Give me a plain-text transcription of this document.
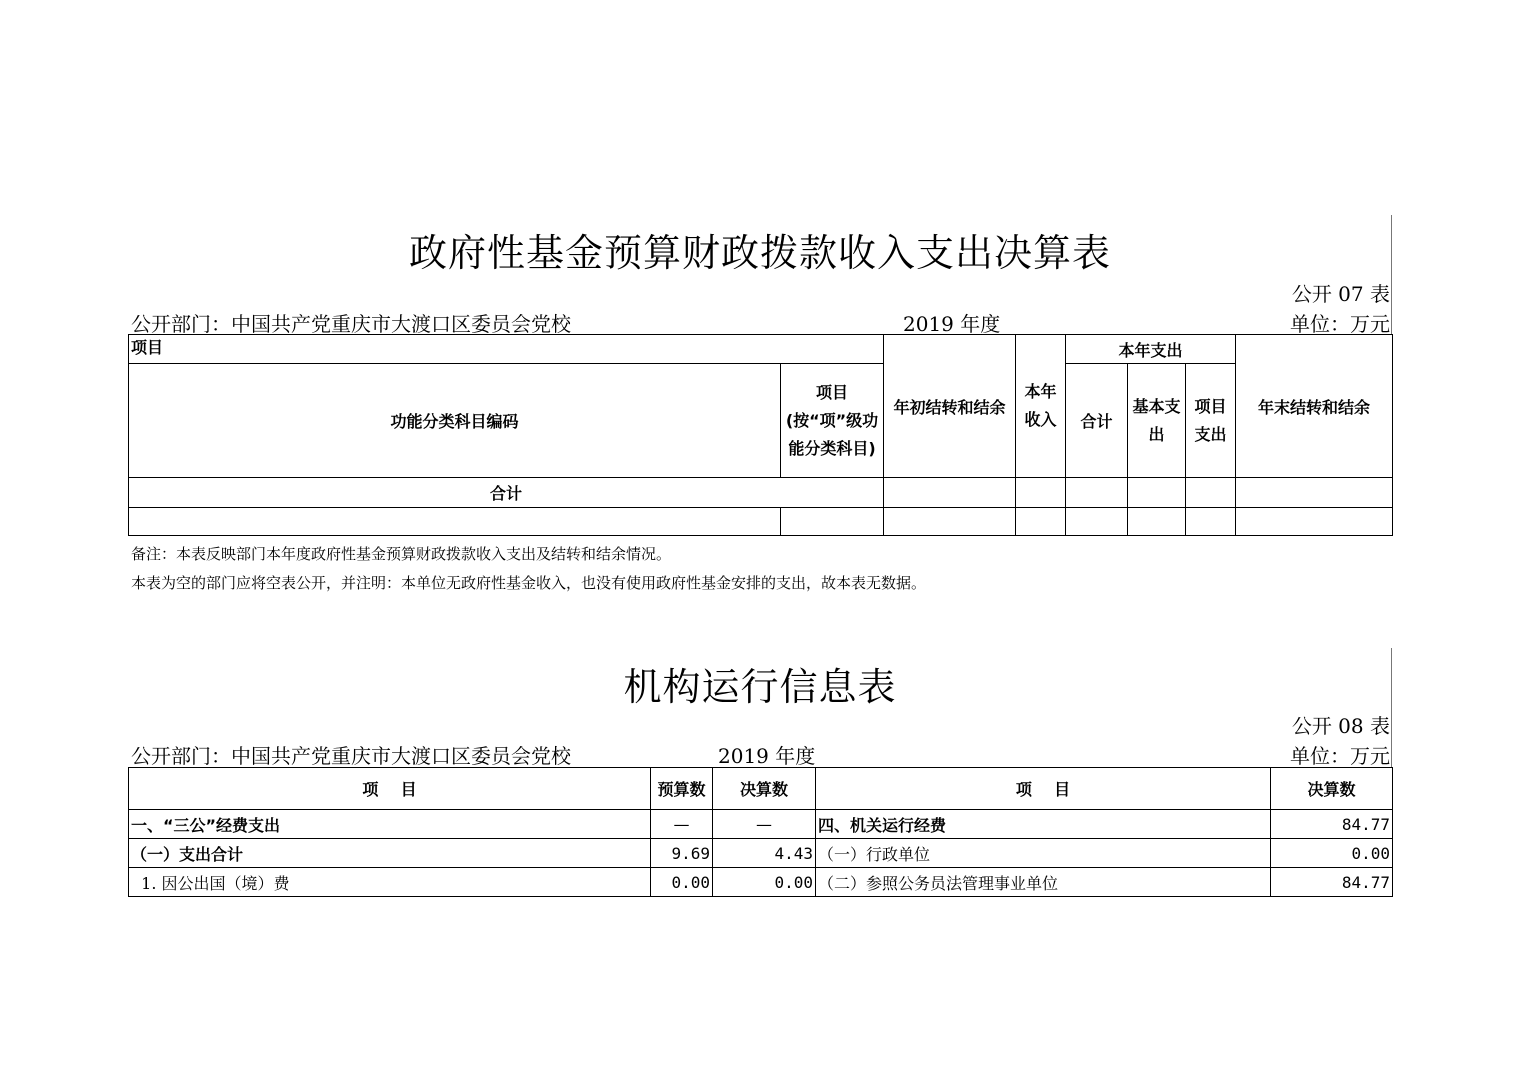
政府性基金预算财政拨款收入支出决算表
公开 07 表
公开部门：中国共产党重庆市大渡口区委员会党校	2019 年度	单位：万元
项目		年初结转和结余	本年收入	本年支出			年末结转和结余
功能分类科目编码	项目(按“项”级功能分类科目)			合计	基本支出	项目支出	
合计							

备注：本表反映部门本年度政府性基金预算财政拨款收入支出及结转和结余情况。
本表为空的部门应将空表公开，并注明：本单位无政府性基金收入，也没有使用政府性基金安排的支出，故本表无数据。
机构运行信息表
公开 08 表
公开部门：中国共产党重庆市大渡口区委员会党校	2019 年度	单位：万元
项    目	预算数	决算数	项    目	决算数
一、“三公”经费支出	—	—	四、机关运行经费	84.77
（一）支出合计	9.69	4.43	（一）行政单位	0.00
1. 因公出国（境）费	0.00	0.00	（二）参照公务员法管理事业单位	84.77
